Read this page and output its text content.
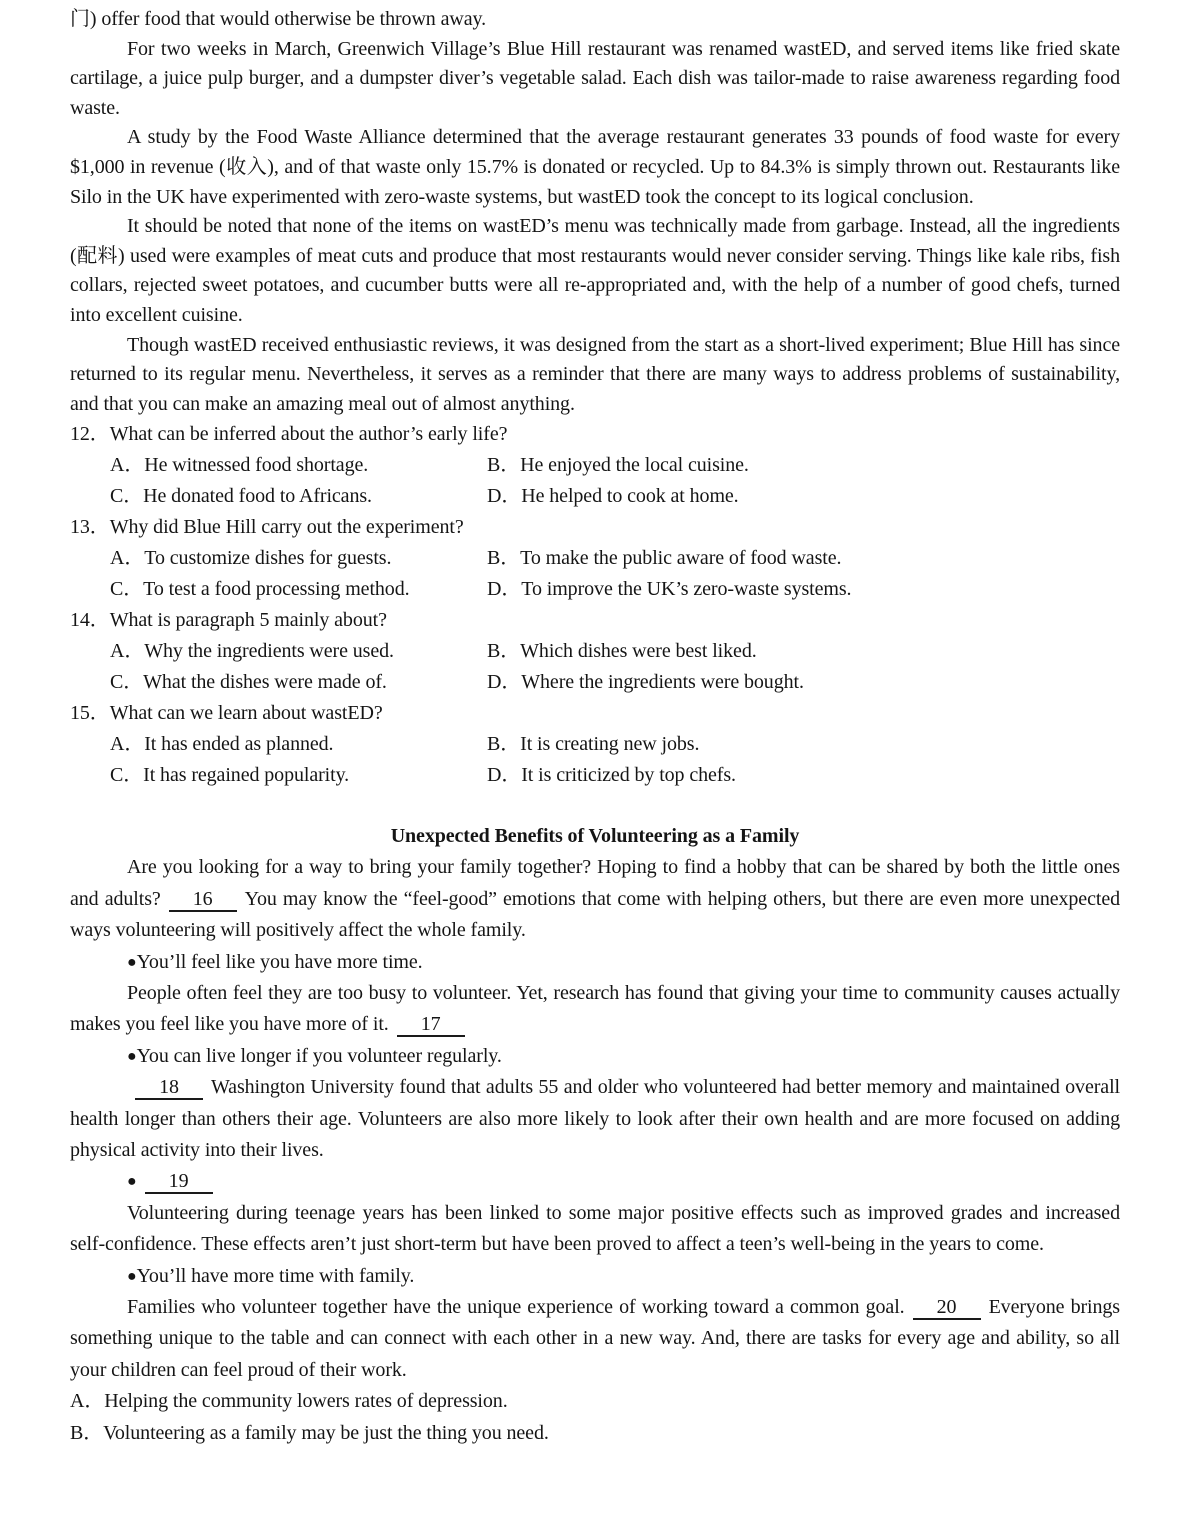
门) offer food that would otherwise be thrown away.

For two weeks in March, Greenwich Village’s Blue Hill restaurant was renamed wastED, and served items like fried skate cartilage, a juice pulp burger, and a dumpster diver’s vegetable salad. Each dish was tailor-made to raise awareness regarding food waste.

A study by the Food Waste Alliance determined that the average restaurant generates 33 pounds of food waste for every $1,000 in revenue (收入), and of that waste only 15.7% is donated or recycled. Up to 84.3% is simply thrown out. Restaurants like Silo in the UK have experimented with zero-waste systems, but wastED took the concept to its logical conclusion.

It should be noted that none of the items on wastED’s menu was technically made from garbage. Instead, all the ingredients (配料) used were examples of meat cuts and produce that most restaurants would never consider serving. Things like kale ribs, fish collars, rejected sweet potatoes, and cucumber butts were all re-appropriated and, with the help of a number of good chefs, turned into excellent cuisine.

Though wastED received enthusiastic reviews, it was designed from the start as a short-lived experiment; Blue Hill has since returned to its regular menu. Nevertheless, it serves as a reminder that there are many ways to address problems of sustainability, and that you can make an amazing meal out of almost anything.

12．What can be inferred about the author’s early life?
A．He witnessed food shortage.	B．He enjoyed the local cuisine.
C．He donated food to Africans.	D．He helped to cook at home.
13．Why did Blue Hill carry out the experiment?
A．To customize dishes for guests.	B．To make the public aware of food waste.
C．To test a food processing method.	D．To improve the UK’s zero-waste systems.
14．What is paragraph 5 mainly about?
A．Why the ingredients were used.	B．Which dishes were best liked.
C．What the dishes were made of.	D．Where the ingredients were bought.
15．What can we learn about wastED?
A．It has ended as planned.	B．It is creating new jobs.
C．It has regained popularity.	D．It is criticized by top chefs.
Unexpected Benefits of Volunteering as a Family

Are you looking for a way to bring your family together? Hoping to find a hobby that can be shared by both the little ones and adults? 16 You may know the “feel-good” emotions that come with helping others, but there are even more unexpected ways volunteering will positively affect the whole family.

●You’ll feel like you have more time.

People often feel they are too busy to volunteer. Yet, research has found that giving your time to community causes actually makes you feel like you have more of it. 17

●You can live longer if you volunteer regularly.

18 Washington University found that adults 55 and older who volunteered had better memory and maintained overall health longer than others their age. Volunteers are also more likely to look after their own health and are more focused on adding physical activity into their lives.

● 19

Volunteering during teenage years has been linked to some major positive effects such as improved grades and increased self-confidence. These effects aren’t just short-term but have been proved to affect a teen’s well-being in the years to come.

●You’ll have more time with family.

Families who volunteer together have the unique experience of working toward a common goal. 20 Everyone brings something unique to the table and can connect with each other in a new way. And, there are tasks for every age and ability, so all your children can feel proud of their work.

A．Helping the community lowers rates of depression.
B．Volunteering as a family may be just the thing you need.
